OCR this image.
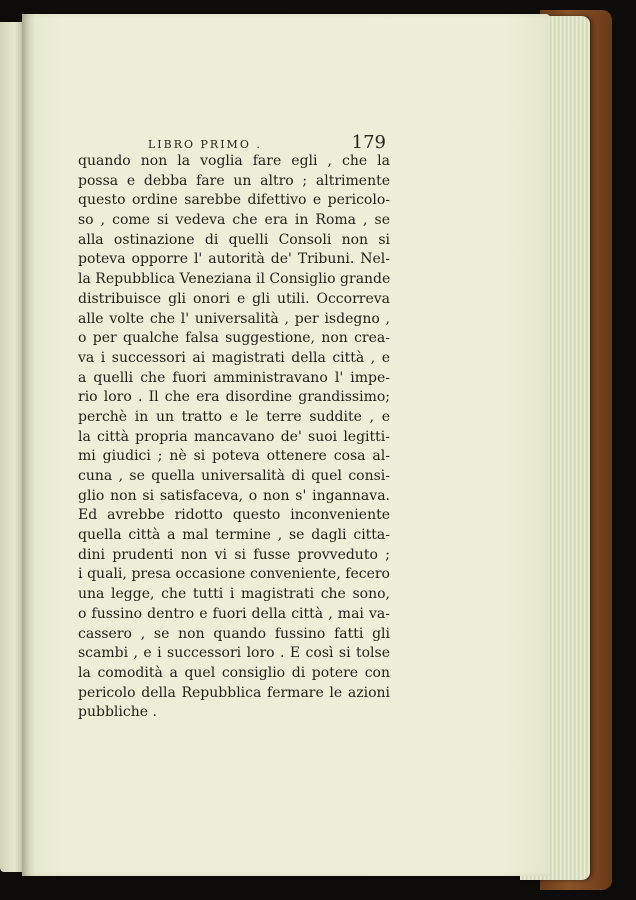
LIBRO PRIMO .	179
quando non la voglia fare egli , che la
possa e debba fare un altro ; altrimente
questo ordine sarebbe difettivo e pericolo-
so , come si vedeva che era in Roma , se
alla ostinazione di quelli Consoli non si
poteva opporre l' autorità de' Tribuni. Nel-
la Repubblica Veneziana il Consiglio grande
distribuisce gli onori e gli utili. Occorreva
alle volte che l' universalità , per isdegno ,
o per qualche falsa suggestione, non crea-
va i successori ai magistrati della città , e
a quelli che fuori amministravano l' impe-
rio loro . Il che era disordine grandissimo;
perchè in un tratto e le terre suddite , e
la città propria mancavano de' suoi legitti-
mi giudici ; nè si poteva ottenere cosa al-
cuna , se quella universalità di quel consi-
glio non si satisfaceva, o non s' ingannava.
Ed avrebbe ridotto questo inconveniente
quella città a mal termine , se dagli citta-
dini prudenti non vi si fusse provveduto ;
i quali, presa occasione conveniente, fecero
una legge, che tutti i magistrati che sono,
o fussino dentro e fuori della città , mai va-
cassero , se non quando fussino fatti gli
scambi , e i successori loro . E così si tolse
la comodità a quel consiglio di potere con
pericolo della Repubblica fermare le azioni
pubbliche .
